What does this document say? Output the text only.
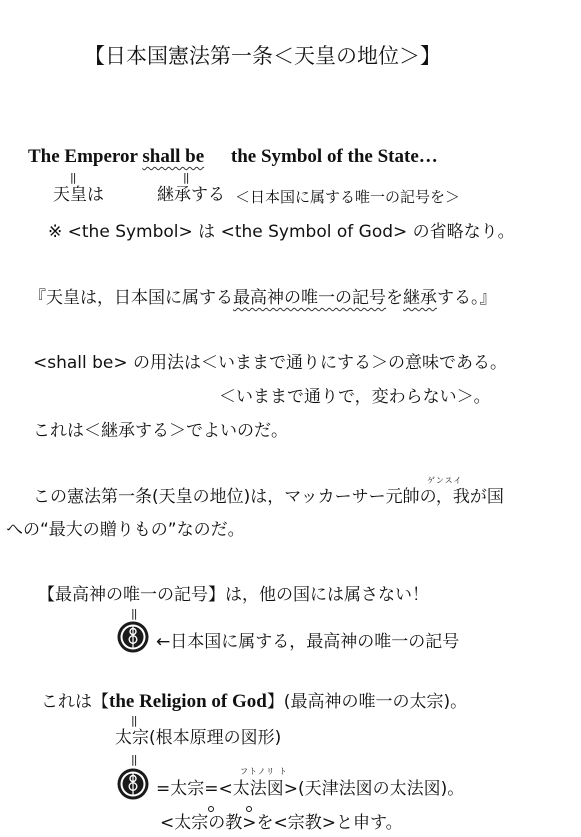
【日本国憲法第一条＜天皇の地位＞】
The Emperor shall be the Symbol of the State…
||	||
天皇は	継承する ＜日本国に属する唯一の記号を＞
※ <the Symbol> は <the Symbol of God> の省略なり。
『天皇は，日本国に属する最高神の唯一の記号を継承する。』
<shall be> の用法は＜いままで通りにする＞の意味である。
＜いままで通りで，変わらない＞。
これは＜継承する＞でよいのだ。
ゲンスイ
この憲法第一条(天皇の地位)は，マッカーサー元帥の，我が国
への“最大の贈りもの”なのだ。
【最高神の唯一の記号】は，他の国には属さない！
||
←日本国に属する，最高神の唯一の記号
これは【the Religion of God】(最高神の唯一の太宗)。
||
太宗(根本原理の図形)
||
フトノリ ト
=太宗=<太法図>(天津法図の太法図)。
<太宗の教>を<宗教>と申す。
